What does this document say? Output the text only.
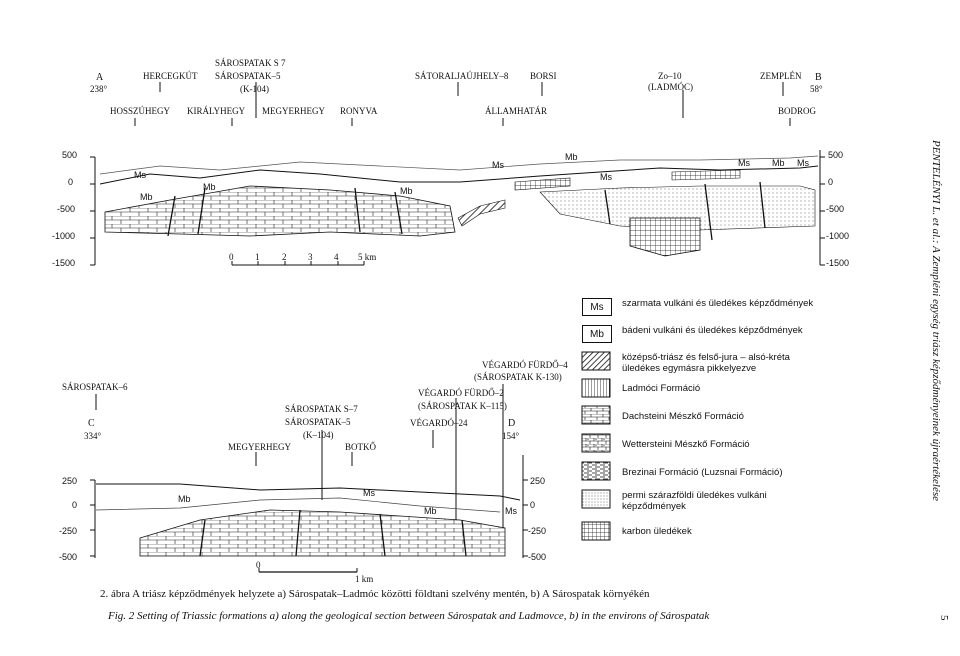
A
238°
SÁROSPATAK S 7
HERCEGKÚT SÁROSPATAK–5
(K-104)
SÁTORALJAÚJHELY–8 BORSI	Zo–10
(LADMÓC)
ZEMPLÉN B
58°
HOSSZÚHEGY KIRÁLYHEGY MEGYERHEGY RONYVA	ÁLLAMHATÁR	BODROG
500
0
-500
-1000
-1500
500
0
-500
-1000
-1500
Ms
Mb
Mb
Ms
Mb
Ms
Ms Mb Ms
Mb
0 1	2 3 4 5 km
SÁROSPATAK–6
C
334°
SÁROSPATAK S–7
SÁROSPATAK–5
(K–104)
MEGYERHEGY	BOTKŐ
VÉGARDÓ FÜRDŐ–4
(SÁROSPATAK K-130)
VÉGARDÓ FÜRDŐ–2
(SÁROSPATAK K–115)
VÉGARDÓ–24	D
154°
250
0
-250
-500
250
0
-250
-500
Mb
Ms
Mb	Ms
0
1 km
Ms	szarmata vulkáni és üledékes képződmények
Mb	bádeni vulkáni és üledékes képződmények
középső-triász és felső-jura – alsó-kréta üledékes egymásra pikkelyezve
Ladmóci Formáció
Dachsteini Mészkő Formáció
Wettersteini Mészkő Formáció
Brezinai Formáció (Luzsnai Formáció)
permi szárazföldi üledékes vulkáni képződmények
karbon üledékek
2. ábra A triász képződmények helyzete a) Sárospatak–Ladmóc közötti földtani szelvény mentén, b) A Sárospatak környékén
Fig. 2 Setting of Triassic formations a) along the geological section between Sárospatak and Ladmovce, b) in the environs of Sárospatak
PENTELÉNYI L. et al.: A Zempléni egység triász képződményeinek újraértékelése
5
